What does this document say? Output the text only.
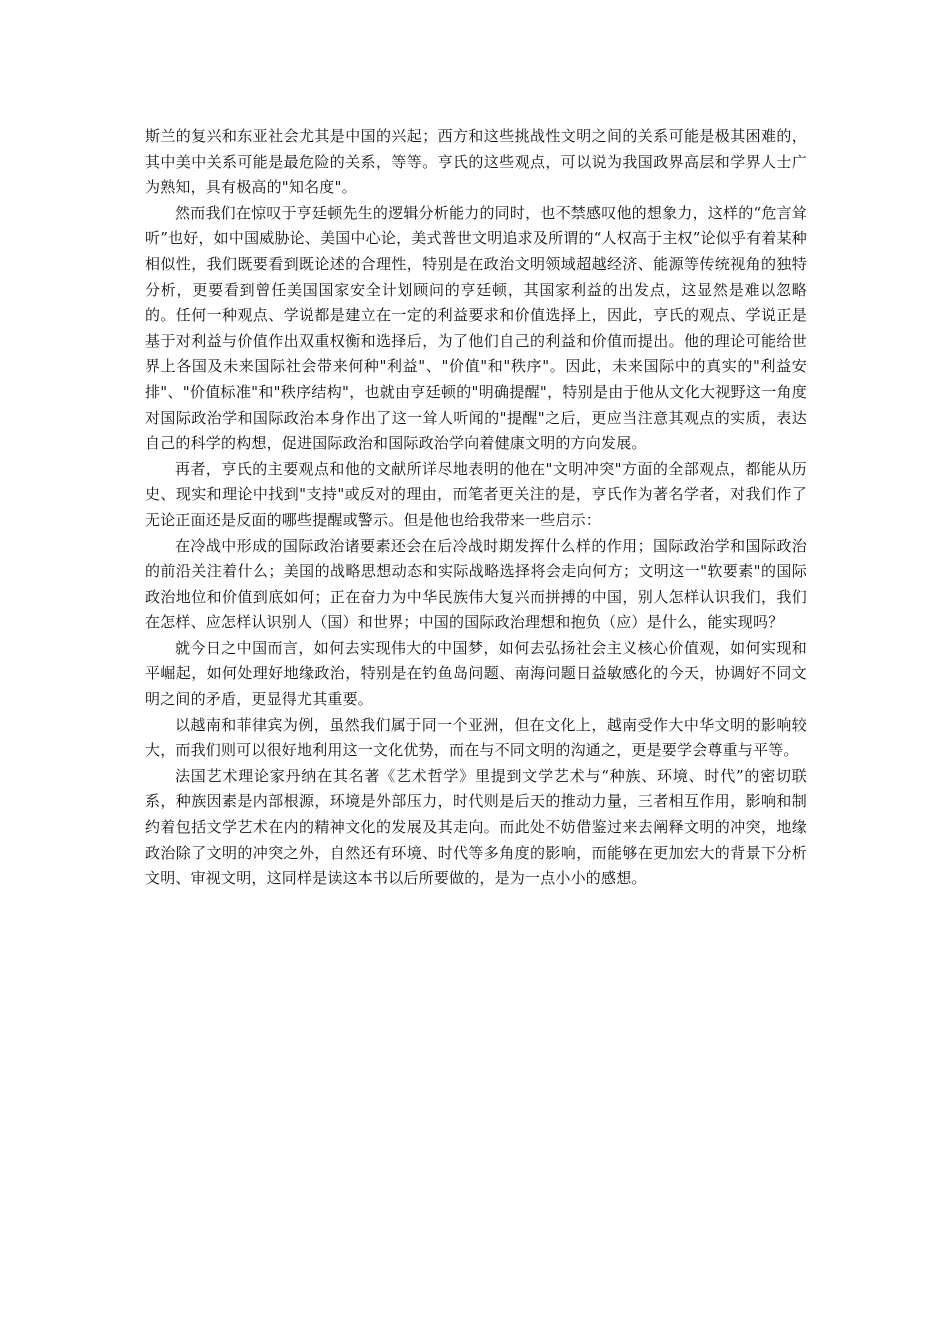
斯兰的复兴和东亚社会尤其是中国的兴起；西方和这些挑战性文明之间的关系可能是极其困难的，其中美中关系可能是最危险的关系，等等。亨氏的这些观点，可以说为我国政界高层和学界人士广为熟知，具有极高的"知名度"。

然而我们在惊叹于亨廷顿先生的逻辑分析能力的同时，也不禁感叹他的想象力，这样的“危言耸听”也好，如中国威胁论、美国中心论，美式普世文明追求及所谓的“人权高于主权”论似乎有着某种相似性，我们既要看到既论述的合理性，特别是在政治文明领域超越经济、能源等传统视角的独特分析，更要看到曾任美国国家安全计划顾问的亨廷顿，其国家利益的出发点，这显然是难以忽略的。任何一种观点、学说都是建立在一定的利益要求和价值选择上，因此，亨氏的观点、学说正是基于对利益与价值作出双重权衡和选择后，为了他们自己的利益和价值而提出。他的理论可能给世界上各国及未来国际社会带来何种"利益"、"价值"和"秩序"。因此，未来国际中的真实的"利益安排"、"价值标准"和"秩序结构"，也就由亨廷顿的"明确提醒"，特别是由于他从文化大视野这一角度对国际政治学和国际政治本身作出了这一耸人听闻的"提醒"之后，更应当注意其观点的实质，表达自己的科学的构想，促进国际政治和国际政治学向着健康文明的方向发展。

再者，亨氏的主要观点和他的文献所详尽地表明的他在"文明冲突"方面的全部观点，都能从历史、现实和理论中找到"支持"或反对的理由，而笔者更关注的是，亨氏作为著名学者，对我们作了无论正面还是反面的哪些提醒或警示。但是他也给我带来一些启示：

在冷战中形成的国际政治诸要素还会在后冷战时期发挥什么样的作用；国际政治学和国际政治的前沿关注着什么；美国的战略思想动态和实际战略选择将会走向何方；文明这一"软要素"的国际政治地位和价值到底如何；正在奋力为中华民族伟大复兴而拼搏的中国，别人怎样认识我们，我们在怎样、应怎样认识别人（国）和世界；中国的国际政治理想和抱负（应）是什么，能实现吗？

就今日之中国而言，如何去实现伟大的中国梦，如何去弘扬社会主义核心价值观，如何实现和平崛起，如何处理好地缘政治，特别是在钓鱼岛问题、南海问题日益敏感化的今天，协调好不同文明之间的矛盾，更显得尤其重要。

以越南和菲律宾为例，虽然我们属于同一个亚洲，但在文化上，越南受作大中华文明的影响较大，而我们则可以很好地利用这一文化优势，而在与不同文明的沟通之，更是要学会尊重与平等。

法国艺术理论家丹纳在其名著《艺术哲学》里提到文学艺术与“种族、环境、时代”的密切联系，种族因素是内部根源，环境是外部压力，时代则是后天的推动力量，三者相互作用，影响和制约着包括文学艺术在内的精神文化的发展及其走向。而此处不妨借鉴过来去阐释文明的冲突，地缘政治除了文明的冲突之外，自然还有环境、时代等多角度的影响，而能够在更加宏大的背景下分析文明、审视文明，这同样是读这本书以后所要做的，是为一点小小的感想。
